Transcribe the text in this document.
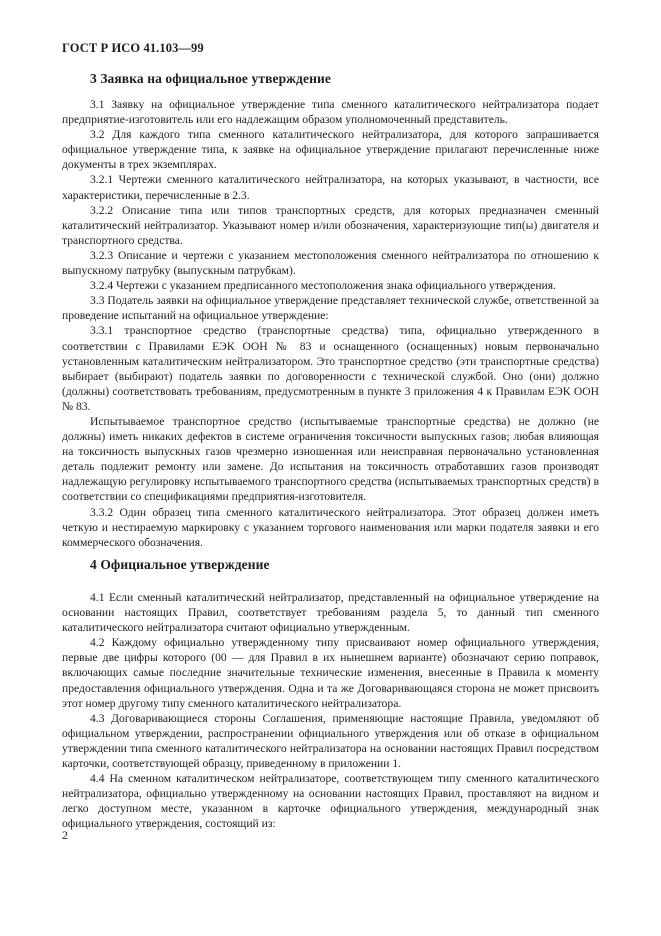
ГОСТ Р ИСО 41.103—99
3 Заявка на официальное утверждение

3.1 Заявку на официальное утверждение типа сменного каталитического нейтрализатора подает предприятие-изготовитель или его надлежащим образом уполномоченный представитель.

3.2 Для каждого типа сменного каталитического нейтрализатора, для которого запрашивается официальное утверждение типа, к заявке на официальное утверждение прилагают перечисленные ниже документы в трех экземплярах.

3.2.1 Чертежи сменного каталитического нейтрализатора, на которых указывают, в частности, все характеристики, перечисленные в 2.3.

3.2.2 Описание типа или типов транспортных средств, для которых предназначен сменный каталитический нейтрализатор. Указывают номер и/или обозначения, характеризующие тип(ы) двигателя и транспортного средства.

3.2.3 Описание и чертежи с указанием местоположения сменного нейтрализатора по отношению к выпускному патрубку (выпускным патрубкам).

3.2.4 Чертежи с указанием предписанного местоположения знака официального утверждения.

3.3 Податель заявки на официальное утверждение представляет технической службе, ответственной за проведение испытаний на официальное утверждение:

3.3.1 транспортное средство (транспортные средства) типа, официально утвержденного в соответствии с Правилами ЕЭК ООН № 83 и оснащенного (оснащенных) новым первоначально установленным каталитическим нейтрализатором. Это транспортное средство (эти транспортные средства) выбирает (выбирают) податель заявки по договоренности с технической службой. Оно (они) должно (должны) соответствовать требованиям, предусмотренным в пункте 3 приложения 4 к Правилам ЕЭК ООН № 83.

Испытываемое транспортное средство (испытываемые транспортные средства) не должно (не должны) иметь никаких дефектов в системе ограничения токсичности выпускных газов; любая влияющая на токсичность выпускных газов чрезмерно изношенная или неисправная первоначально установленная деталь подлежит ремонту или замене. До испытания на токсичность отработавших газов производят надлежащую регулировку испытываемого транспортного средства (испытываемых транспортных средств) в соответствии со спецификациями предприятия-изготовителя.

3.3.2 Один образец типа сменного каталитического нейтрализатора. Этот образец должен иметь четкую и нестираемую маркировку с указанием торгового наименования или марки подателя заявки и его коммерческого обозначения.

4 Официальное утверждение

4.1 Если сменный каталитический нейтрализатор, представленный на официальное утверждение на основании настоящих Правил, соответствует требованиям раздела 5, то данный тип сменного каталитического нейтрализатора считают официально утвержденным.

4.2 Каждому официально утвержденному типу присваивают номер официального утверждения, первые две цифры которого (00 — для Правил в их нынешнем варианте) обозначают серию поправок, включающих самые последние значительные технические изменения, внесенные в Правила к моменту предоставления официального утверждения. Одна и та же Договаривающаяся сторона не может присвоить этот номер другому типу сменного каталитического нейтрализатора.

4.3 Договаривающиеся стороны Соглашения, применяющие настоящие Правила, уведомляют об официальном утверждении, распространении официального утверждения или об отказе в официальном утверждении типа сменного каталитического нейтрализатора на основании настоящих Правил посредством карточки, соответствующей образцу, приведенному в приложении 1.

4.4 На сменном каталитическом нейтрализаторе, соответствующем типу сменного каталитического нейтрализатора, официально утвержденному на основании настоящих Правил, проставляют на видном и легко доступном месте, указанном в карточке официального утверждения, международный знак официального утверждения, состоящий из:

2
